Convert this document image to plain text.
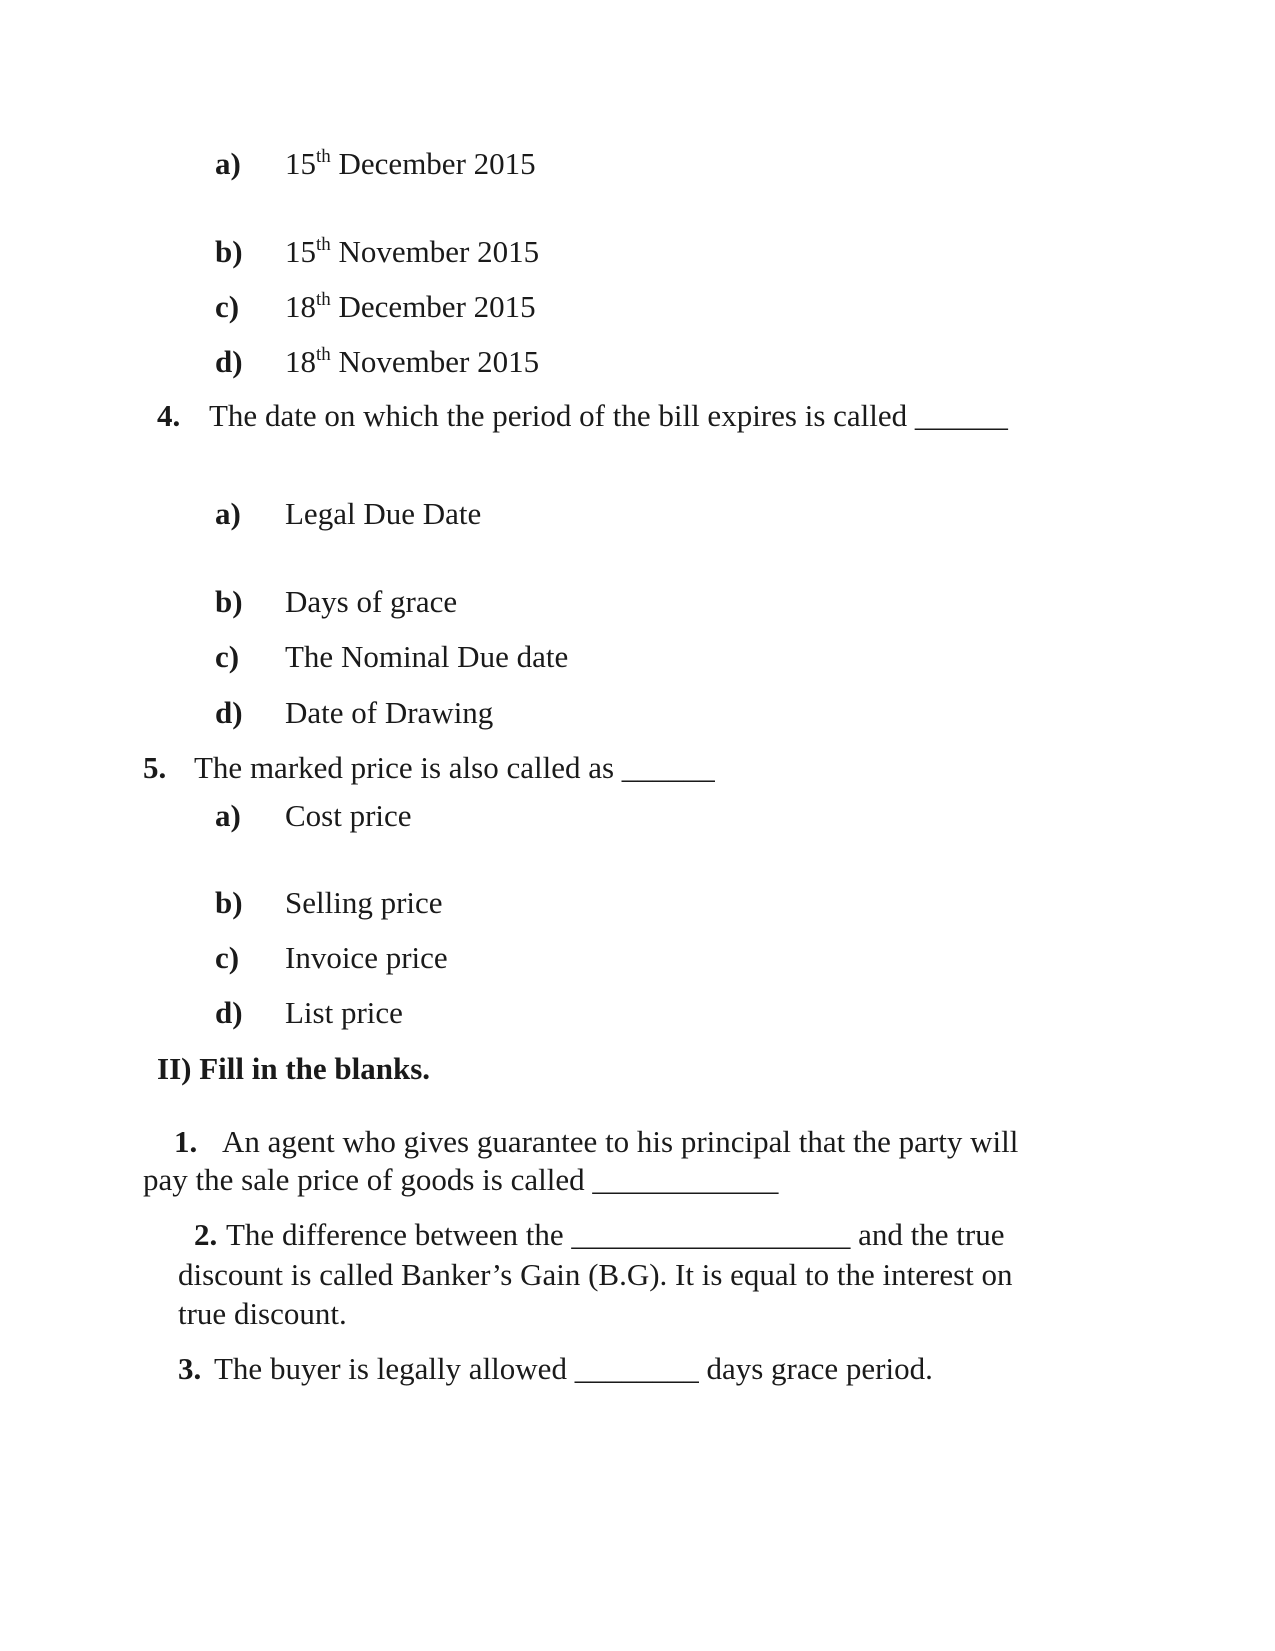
a) 15th December 2015
b) 15th November 2015
c) 18th December 2015
d) 18th November 2015
4. The date on which the period of the bill expires is called ______
a) Legal Due Date
b) Days of grace
c) The Nominal Due date
d) Date of Drawing
5. The marked price is also called as ______
a) Cost price
b) Selling price
c) Invoice price
d) List price
II) Fill in the blanks.
1. An agent who gives guarantee to his principal that the party will
pay the sale price of goods is called ____________
2. The difference between the __________________ and the true
discount is called Banker’s Gain (B.G). It is equal to the interest on
true discount.
3. The buyer is legally allowed ________ days grace period.
